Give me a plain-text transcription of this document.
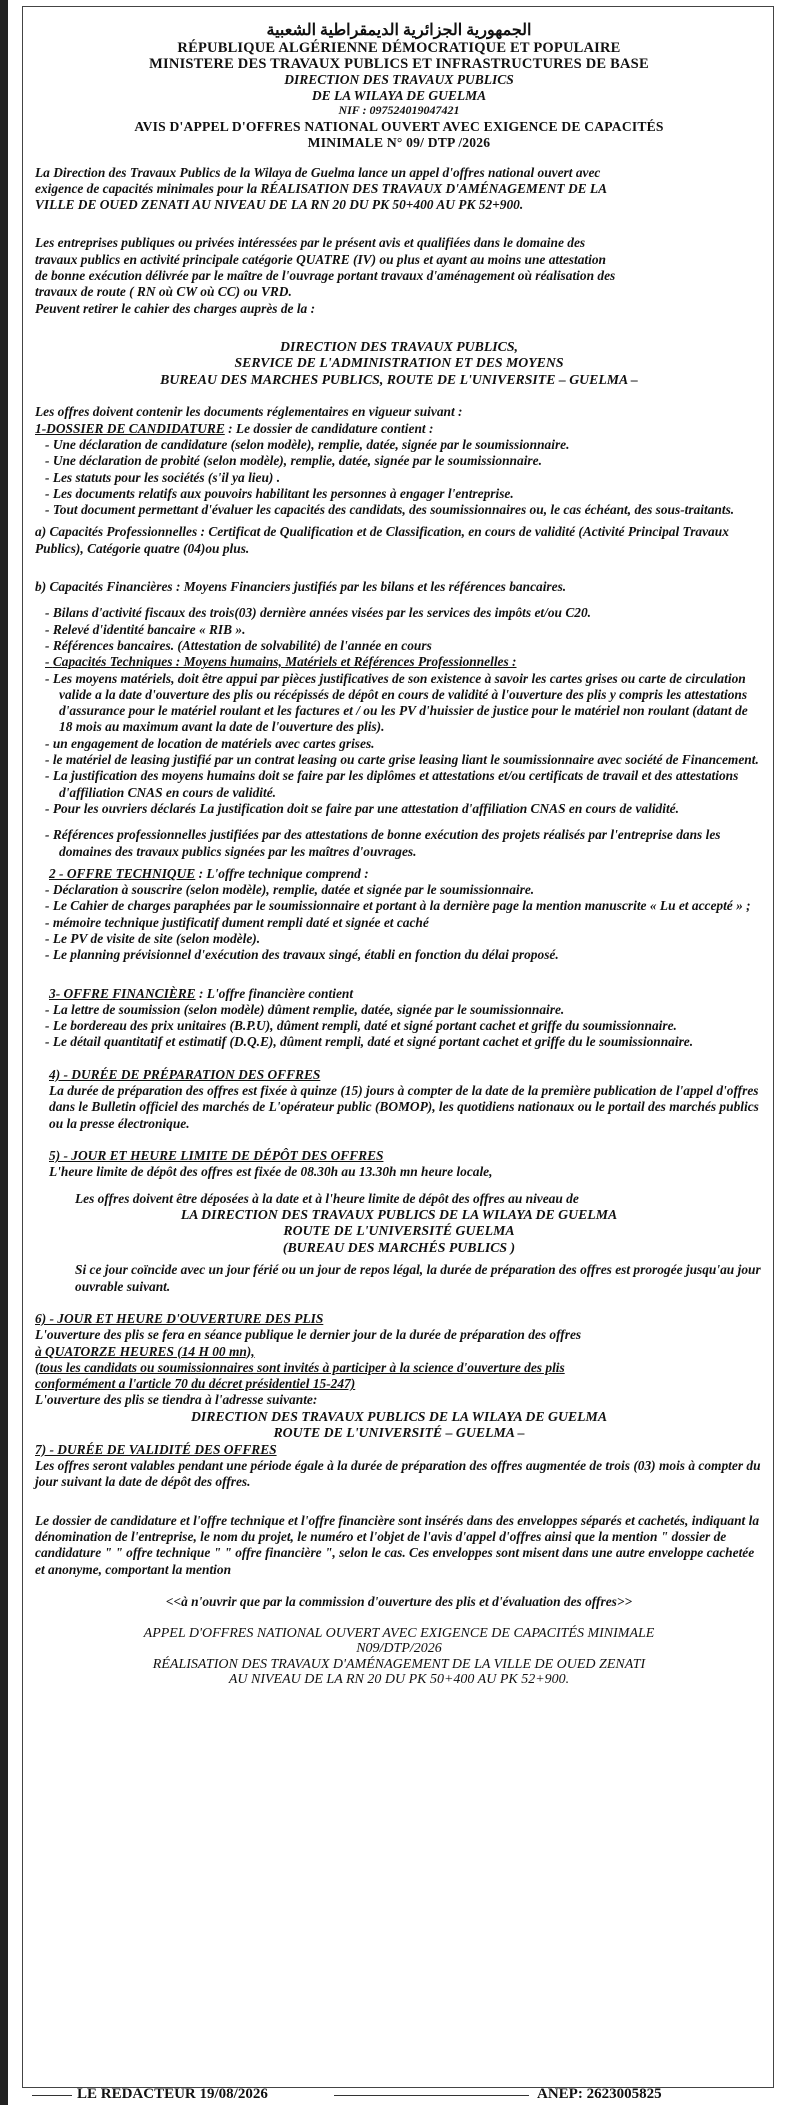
الجمهورية الجزائرية الديمقراطية الشعبية
RÉPUBLIQUE ALGÉRIENNE DÉMOCRATIQUE ET POPULAIRE
MINISTERE DES TRAVAUX PUBLICS ET INFRASTRUCTURES DE BASE
DIRECTION DES TRAVAUX PUBLICS
DE LA WILAYA DE GUELMA
NIF : 097524019047421
AVIS D'APPEL D'OFFRES NATIONAL OUVERT AVEC EXIGENCE DE CAPACITÉS
MINIMALE N° 09/ DTP /2026

La Direction des Travaux Publics de la Wilaya de Guelma lance un appel d'offres national ouvert avec

exigence de capacités minimales pour la RÉALISATION DES TRAVAUX D'AMÉNAGEMENT DE LA

VILLE DE OUED ZENATI AU NIVEAU DE LA RN 20 DU PK 50+400 AU PK 52+900.

Les entreprises publiques ou privées intéressées par le présent avis et qualifiées dans le domaine des

travaux publics en activité principale catégorie QUATRE (IV) ou plus et ayant au moins une attestation

de bonne exécution délivrée par le maître de l'ouvrage portant travaux d'aménagement où réalisation des

travaux de route ( RN où CW où CC) ou VRD.

Peuvent retirer le cahier des charges auprès de la :

DIRECTION DES TRAVAUX PUBLICS,
SERVICE DE L'ADMINISTRATION ET DES MOYENS
BUREAU DES MARCHES PUBLICS, ROUTE DE L'UNIVERSITE – GUELMA –

Les offres doivent contenir les documents réglementaires en vigueur suivant :

1-DOSSIER DE CANDIDATURE : Le dossier de candidature contient :

- Une déclaration de candidature (selon modèle), remplie, datée, signée par le soumissionnaire.
- Une déclaration de probité (selon modèle), remplie, datée, signée par le soumissionnaire.
- Les statuts pour les sociétés (s'il ya lieu) .
- Les documents relatifs aux pouvoirs habilitant les personnes à engager l'entreprise.
- Tout document permettant d'évaluer les capacités des candidats, des soumissionnaires ou, le cas échéant, des sous-traitants.

a) Capacités Professionnelles : Certificat de Qualification et de Classification, en cours de validité (Activité Principal Travaux Publics), Catégorie quatre (04)ou plus.

b) Capacités Financières : Moyens Financiers justifiés par les bilans et les références bancaires.

- Bilans d'activité fiscaux des trois(03) dernière années visées par les services des impôts et/ou C20.
- Relevé d'identité bancaire « RIB ».
- Références bancaires. (Attestation de solvabilité) de l'année en cours
- Capacités Techniques : Moyens humains, Matériels et Références Professionnelles :
- Les moyens matériels, doit être appui par pièces justificatives de son existence à savoir les cartes grises ou carte de circulation valide a la date d'ouverture des plis ou récépissés de dépôt en cours de validité à l'ouverture des plis y compris les attestations d'assurance pour le matériel roulant et les factures et / ou les PV d'huissier de justice pour le matériel non roulant (datant de 18 mois au maximum avant la date de l'ouverture des plis).
- un engagement de location de matériels avec cartes grises.
- le matériel de leasing justifié par un contrat leasing ou carte grise leasing liant le soumissionnaire avec société de Financement.
- La justification des moyens humains doit se faire par les diplômes et attestations et/ou certificats de travail et des attestations d'affiliation CNAS en cours de validité.
- Pour les ouvriers déclarés La justification doit se faire par une attestation d'affiliation CNAS en cours de validité.
- Références professionnelles justifiées par des attestations de bonne exécution des projets réalisés par l'entreprise dans les domaines des travaux publics signées par les maîtres d'ouvrages.

2 - OFFRE TECHNIQUE : L'offre technique comprend :

- Déclaration à souscrire (selon modèle), remplie, datée et signée par le soumissionnaire.
- Le Cahier de charges paraphées par le soumissionnaire et portant à la dernière page la mention manuscrite « Lu et accepté » ;
- mémoire technique justificatif dument rempli daté et signée et caché
- Le PV de visite de site (selon modèle).
- Le planning prévisionnel d'exécution des travaux singé, établi en fonction du délai proposé.

3- OFFRE FINANCIÈRE : L'offre financière contient

- La lettre de soumission (selon modèle) dûment remplie, datée, signée par le soumissionnaire.
- Le bordereau des prix unitaires (B.P.U), dûment rempli, daté et signé portant cachet et griffe du soumissionnaire.
- Le détail quantitatif et estimatif (D.Q.E), dûment rempli, daté et signé portant cachet et griffe du le soumissionnaire.

4) - DURÉE DE PRÉPARATION DES OFFRES

La durée de préparation des offres est fixée à quinze (15) jours à compter de la date de la première publication de l'appel d'offres dans le Bulletin officiel des marchés de L'opérateur public (BOMOP), les quotidiens nationaux ou le portail des marchés publics ou la presse électronique.

5) - JOUR ET HEURE LIMITE DE DÉPÔT DES OFFRES

L'heure limite de dépôt des offres est fixée de 08.30h au 13.30h mn heure locale,

Les offres doivent être déposées à la date et à l'heure limite de dépôt des offres au niveau de

LA DIRECTION DES TRAVAUX PUBLICS DE LA WILAYA DE GUELMA
ROUTE DE L'UNIVERSITÉ GUELMA
(BUREAU DES MARCHÉS PUBLICS )

Si ce jour coïncide avec un jour férié ou un jour de repos légal, la durée de préparation des offres est prorogée jusqu'au jour ouvrable suivant.

6) - JOUR ET HEURE D'OUVERTURE DES PLIS

L'ouverture des plis se fera en séance publique le dernier jour de la durée de préparation des offres

à QUATORZE HEURES (14 H 00 mn),

(tous les candidats ou soumissionnaires sont invités à participer à la science d'ouverture des plis

conformément a l'article 70 du décret présidentiel 15-247)

L'ouverture des plis se tiendra à l'adresse suivante:

DIRECTION DES TRAVAUX PUBLICS DE LA WILAYA DE GUELMA
ROUTE DE L'UNIVERSITÉ – GUELMA –

7) - DURÉE DE VALIDITÉ DES OFFRES

Les offres seront valables pendant une période égale à la durée de préparation des offres augmentée de trois (03) mois à compter du jour suivant la date de dépôt des offres.

Le dossier de candidature et l'offre technique et l'offre financière sont insérés dans des enveloppes séparés et cachetés, indiquant la dénomination de l'entreprise, le nom du projet, le numéro et l'objet de l'avis d'appel d'offres ainsi que la mention " dossier de candidature " " offre technique " " offre financière ", selon le cas. Ces enveloppes sont misent dans une autre enveloppe cachetée et anonyme, comportant la mention

<<à n'ouvrir que par la commission d'ouverture des plis et d'évaluation des offres>>
APPEL D'OFFRES NATIONAL OUVERT AVEC EXIGENCE DE CAPACITÉS MINIMALE
N09/DTP/2026
RÉALISATION DES TRAVAUX D'AMÉNAGEMENT DE LA VILLE DE OUED ZENATI
AU NIVEAU DE LA RN 20 DU PK 50+400 AU PK 52+900.
LE REDACTEUR 19/08/2026	ANEP: 2623005825
